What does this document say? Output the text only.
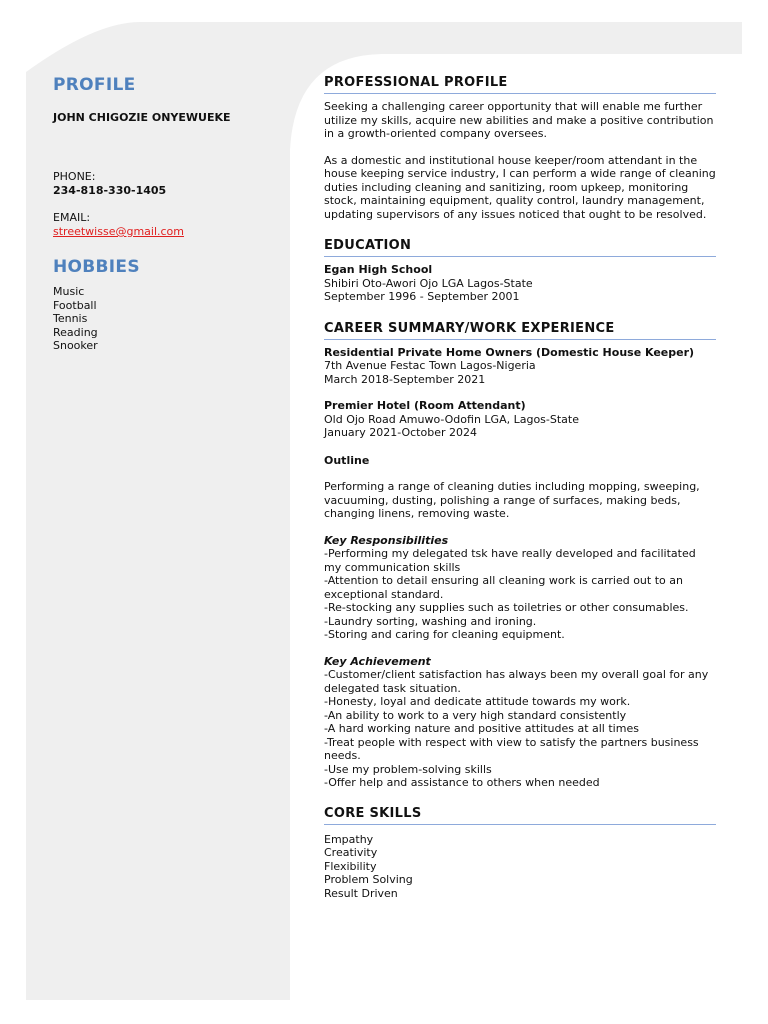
PROFILE
JOHN CHIGOZIE ONYEWUEKE
PHONE:
234-818-330-1405
EMAIL:
streetwisse@gmail.com
HOBBIES
Music
Football
Tennis
Reading
Snooker
PROFESSIONAL PROFILE

Seeking a challenging career opportunity that will enable me further utilize my skills, acquire new abilities and make a positive contribution in a growth-oriented company oversees.

As a domestic and institutional house keeper/room attendant in the house keeping service industry, I can perform a wide range of cleaning duties including cleaning and sanitizing, room upkeep, monitoring stock, maintaining equipment, quality control, laundry management, updating supervisors of any issues noticed that ought to be resolved.

EDUCATION
Egan High School
Shibiri Oto-Awori Ojo LGA Lagos-State
September 1996 - September 2001
CAREER SUMMARY/WORK EXPERIENCE
Residential Private Home Owners (Domestic House Keeper)
7th Avenue Festac Town Lagos-Nigeria
March 2018-September 2021
Premier Hotel (Room Attendant)
Old Ojo Road Amuwo-Odofin LGA, Lagos-State
January 2021-October 2024
Outline

Performing a range of cleaning duties including mopping, sweeping, vacuuming, dusting, polishing a range of surfaces, making beds, changing linens, removing waste.

Key Responsibilities
-Performing my delegated tsk have really developed and facilitated my communication skills
-Attention to detail ensuring all cleaning work is carried out to an exceptional standard.
-Re-stocking any supplies such as toiletries or other consumables.
-Laundry sorting, washing and ironing.
-Storing and caring for cleaning equipment.
Key Achievement
-Customer/client satisfaction has always been my overall goal for any delegated task situation.
-Honesty, loyal and dedicate attitude towards my work.
-An ability to work to a very high standard consistently
-A hard working nature and positive attitudes at all times
-Treat people with respect with view to satisfy the partners business needs.
-Use my problem-solving skills
-Offer help and assistance to others when needed
CORE SKILLS
Empathy
Creativity
Flexibility
Problem Solving
Result Driven
